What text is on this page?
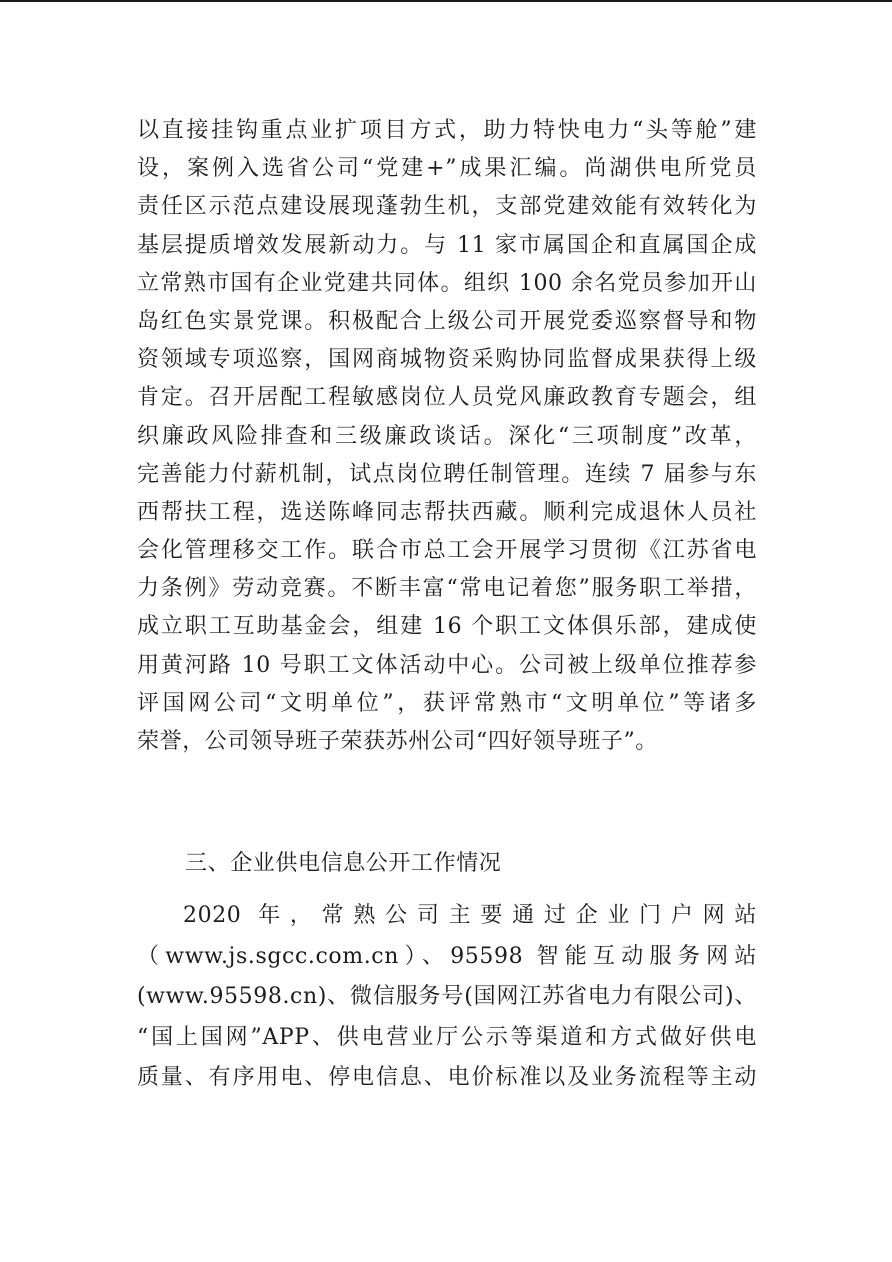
以直接挂钩重点业扩项目方式，助力特快电力“头等舱”建
设，案例入选省公司“党建+”成果汇编。尚湖供电所党员
责任区示范点建设展现蓬勃生机，支部党建效能有效转化为
基层提质增效发展新动力。与 11 家市属国企和直属国企成
立常熟市国有企业党建共同体。组织 100 余名党员参加开山
岛红色实景党课。积极配合上级公司开展党委巡察督导和物
资领域专项巡察，国网商城物资采购协同监督成果获得上级
肯定。召开居配工程敏感岗位人员党风廉政教育专题会，组
织廉政风险排查和三级廉政谈话。深化“三项制度”改革，
完善能力付薪机制，试点岗位聘任制管理。连续 7 届参与东
西帮扶工程，选送陈峰同志帮扶西藏。顺利完成退休人员社
会化管理移交工作。联合市总工会开展学习贯彻《江苏省电
力条例》劳动竞赛。不断丰富“常电记着您”服务职工举措，
成立职工互助基金会，组建 16 个职工文体俱乐部，建成使
用黄河路 10 号职工文体活动中心。公司被上级单位推荐参
评国网公司“文明单位”，获评常熟市“文明单位”等诸多
荣誉，公司领导班子荣获苏州公司“四好领导班子”。
三、企业供电信息公开工作情况
2020 年，常熟公司主要通过企业门户网站
（www.js.sgcc.com.cn）、95598 智能互动服务网站
(www.95598.cn)、微信服务号(国网江苏省电力有限公司)、
“国上国网”APP、供电营业厅公示等渠道和方式做好供电
质量、有序用电、停电信息、电价标准以及业务流程等主动
